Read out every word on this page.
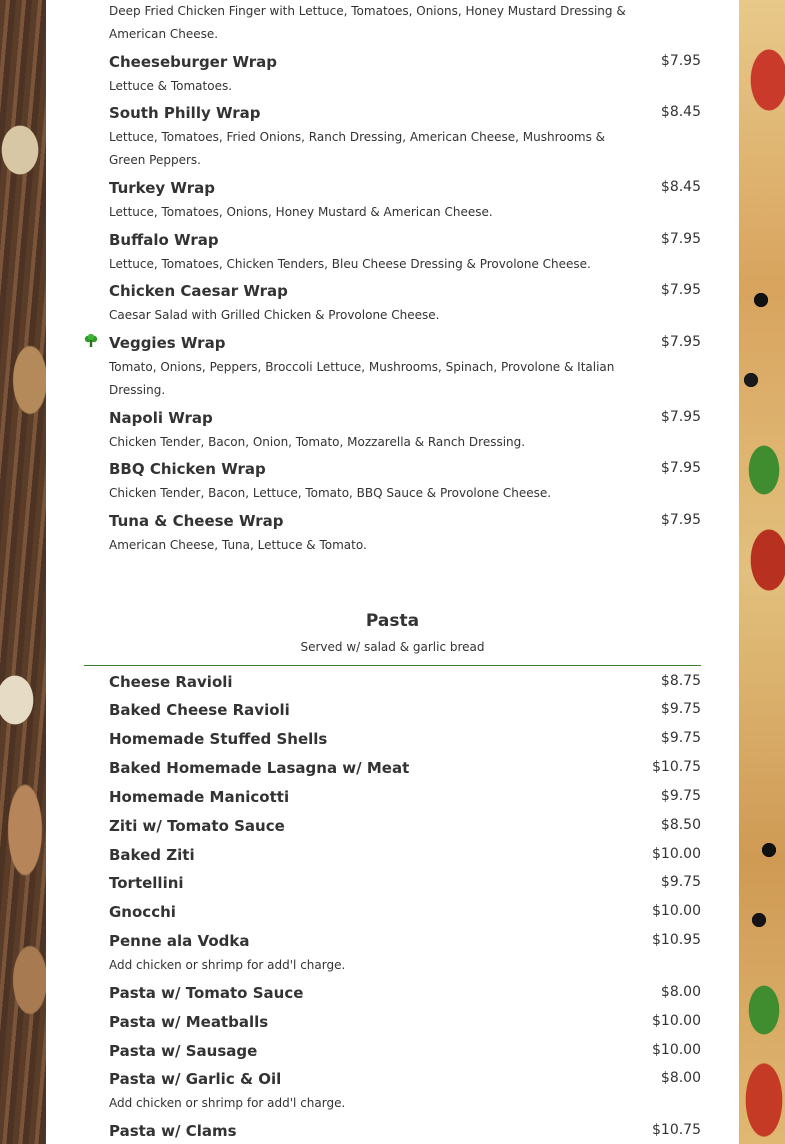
Deep Fried Chicken Finger with Lettuce, Tomatoes, Onions, Honey Mustard Dressing & American Cheese.
Cheeseburger Wrap	$7.95
Lettuce & Tomatoes.
South Philly Wrap	$8.45
Lettuce, Tomatoes, Fried Onions, Ranch Dressing, American Cheese, Mushrooms & Green Peppers.
Turkey Wrap	$8.45
Lettuce, Tomatoes, Onions, Honey Mustard & American Cheese.
Buffalo Wrap	$7.95
Lettuce, Tomatoes, Chicken Tenders, Bleu Cheese Dressing & Provolone Cheese.
Chicken Caesar Wrap	$7.95
Caesar Salad with Grilled Chicken & Provolone Cheese.
Veggies Wrap	$7.95
Tomato, Onions, Peppers, Broccoli Lettuce, Mushrooms, Spinach, Provolone & Italian Dressing.
Napoli Wrap	$7.95
Chicken Tender, Bacon, Onion, Tomato, Mozzarella & Ranch Dressing.
BBQ Chicken Wrap	$7.95
Chicken Tender, Bacon, Lettuce, Tomato, BBQ Sauce & Provolone Cheese.
Tuna & Cheese Wrap	$7.95
American Cheese, Tuna, Lettuce & Tomato.
Pasta
Served w/ salad & garlic bread
Cheese Ravioli	$8.75
Baked Cheese Ravioli	$9.75
Homemade Stuffed Shells	$9.75
Baked Homemade Lasagna w/ Meat	$10.75
Homemade Manicotti	$9.75
Ziti w/ Tomato Sauce	$8.50
Baked Ziti	$10.00
Tortellini	$9.75
Gnocchi	$10.00
Penne ala Vodka	$10.95
Add chicken or shrimp for add'l charge.
Pasta w/ Tomato Sauce	$8.00
Pasta w/ Meatballs	$10.00
Pasta w/ Sausage	$10.00
Pasta w/ Garlic & Oil	$8.00
Add chicken or shrimp for add'l charge.
Pasta w/ Clams	$10.75
